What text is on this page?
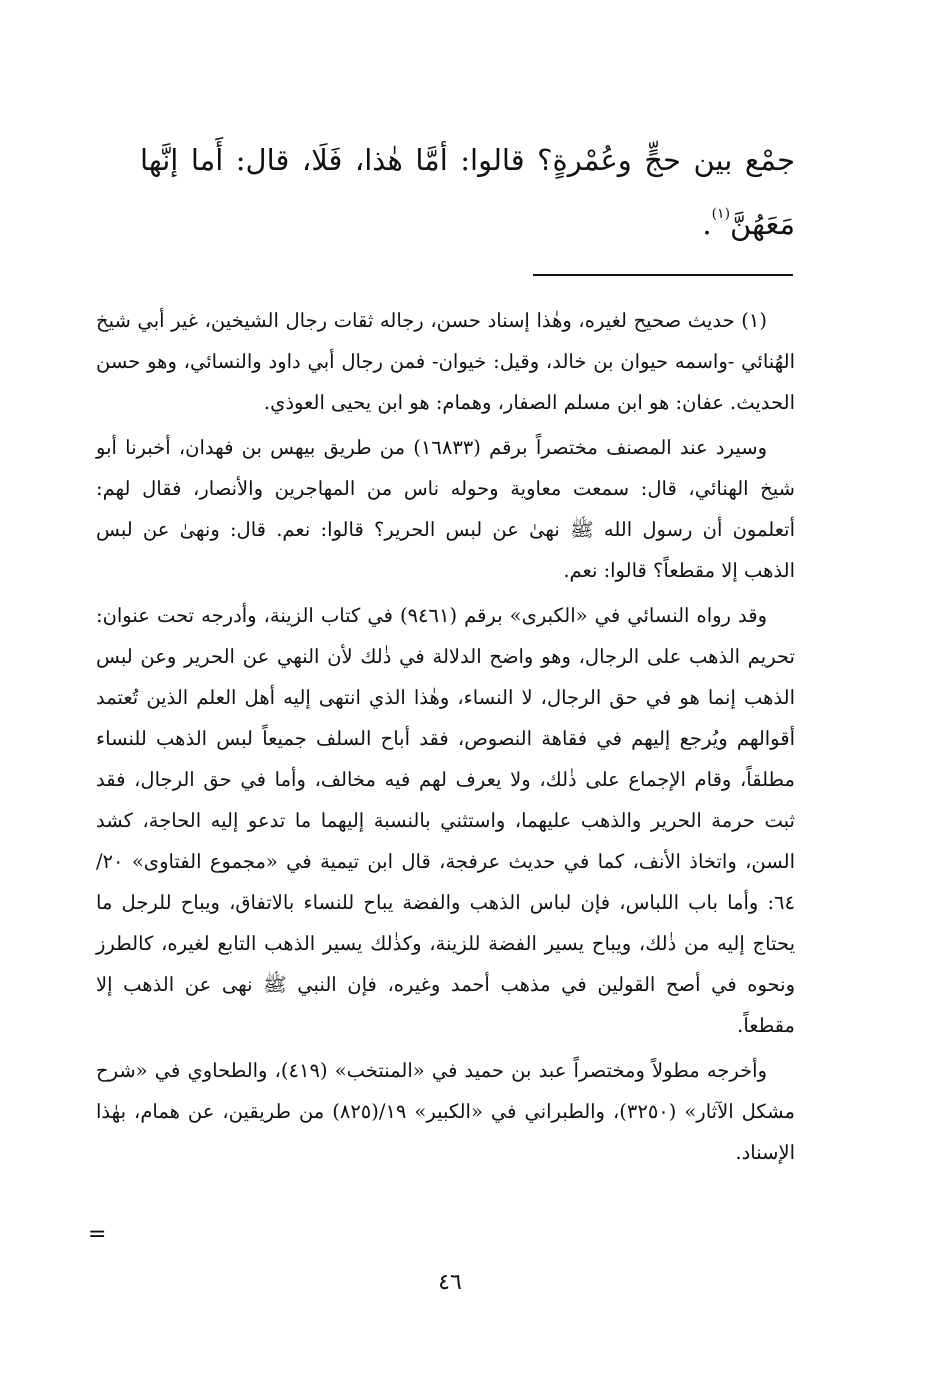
جمْع بين حجٍّ وعُمْرةٍ؟ قالوا: أمَّا هٰذا، فَلَا، قال: أَما إنَّها مَعَهُنَّ$^{(١)}$.

(١) حديث صحيح لغيره، وهٰذا إسناد حسن، رجاله ثقات رجال الشيخين، غير أبي شيخ الهُنائي -واسمه حيوان بن خالد، وقيل: خيوان- فمن رجال أبي داود والنسائي، وهو حسن الحديث. عفان: هو ابن مسلم الصفار، وهمام: هو ابن يحيى العوذي.

وسيرد عند المصنف مختصراً برقم (١٦٨٣٣) من طريق بيهس بن فهدان، أخبرنا أبو شيخ الهنائي، قال: سمعت معاوية وحوله ناس من المهاجرين والأنصار، فقال لهم: أتعلمون أن رسول الله ﷺ نهىٰ عن لبس الحرير؟ قالوا: نعم. قال: ونهىٰ عن لبس الذهب إلا مقطعاً؟ قالوا: نعم.

وقد رواه النسائي في «الكبرى» برقم (٩٤٦١) في كتاب الزينة، وأدرجه تحت عنوان: تحريم الذهب على الرجال، وهو واضح الدلالة في ذٰلك لأن النهي عن الحرير وعن لبس الذهب إنما هو في حق الرجال، لا النساء، وهٰذا الذي انتهى إليه أهل العلم الذين تُعتمد أقوالهم ويُرجع إليهم في فقاهة النصوص، فقد أباح السلف جميعاً لبس الذهب للنساء مطلقاً، وقام الإجماع على ذٰلك، ولا يعرف لهم فيه مخالف، وأما في حق الرجال، فقد ثبت حرمة الحرير والذهب عليهما، واستثني بالنسبة إليهما ما تدعو إليه الحاجة، كشد السن، واتخاذ الأنف، كما في حديث عرفجة، قال ابن تيمية في «مجموع الفتاوى» ٢٠/ ٦٤: وأما باب اللباس، فإن لباس الذهب والفضة يباح للنساء بالاتفاق، ويباح للرجل ما يحتاج إليه من ذٰلك، ويباح يسير الفضة للزينة، وكذٰلك يسير الذهب التابع لغيره، كالطرز ونحوه في أصح القولين في مذهب أحمد وغيره، فإن النبي ﷺ نهى عن الذهب إلا مقطعاً.

وأخرجه مطولاً ومختصراً عبد بن حميد في «المنتخب» (٤١٩)، والطحاوي في «شرح مشكل الآثار» (٣٢٥٠)، والطبراني في «الكبير» ١٩/(٨٢٥) من طريقين، عن همام، بهٰذا الإسناد.

=
٤٦
